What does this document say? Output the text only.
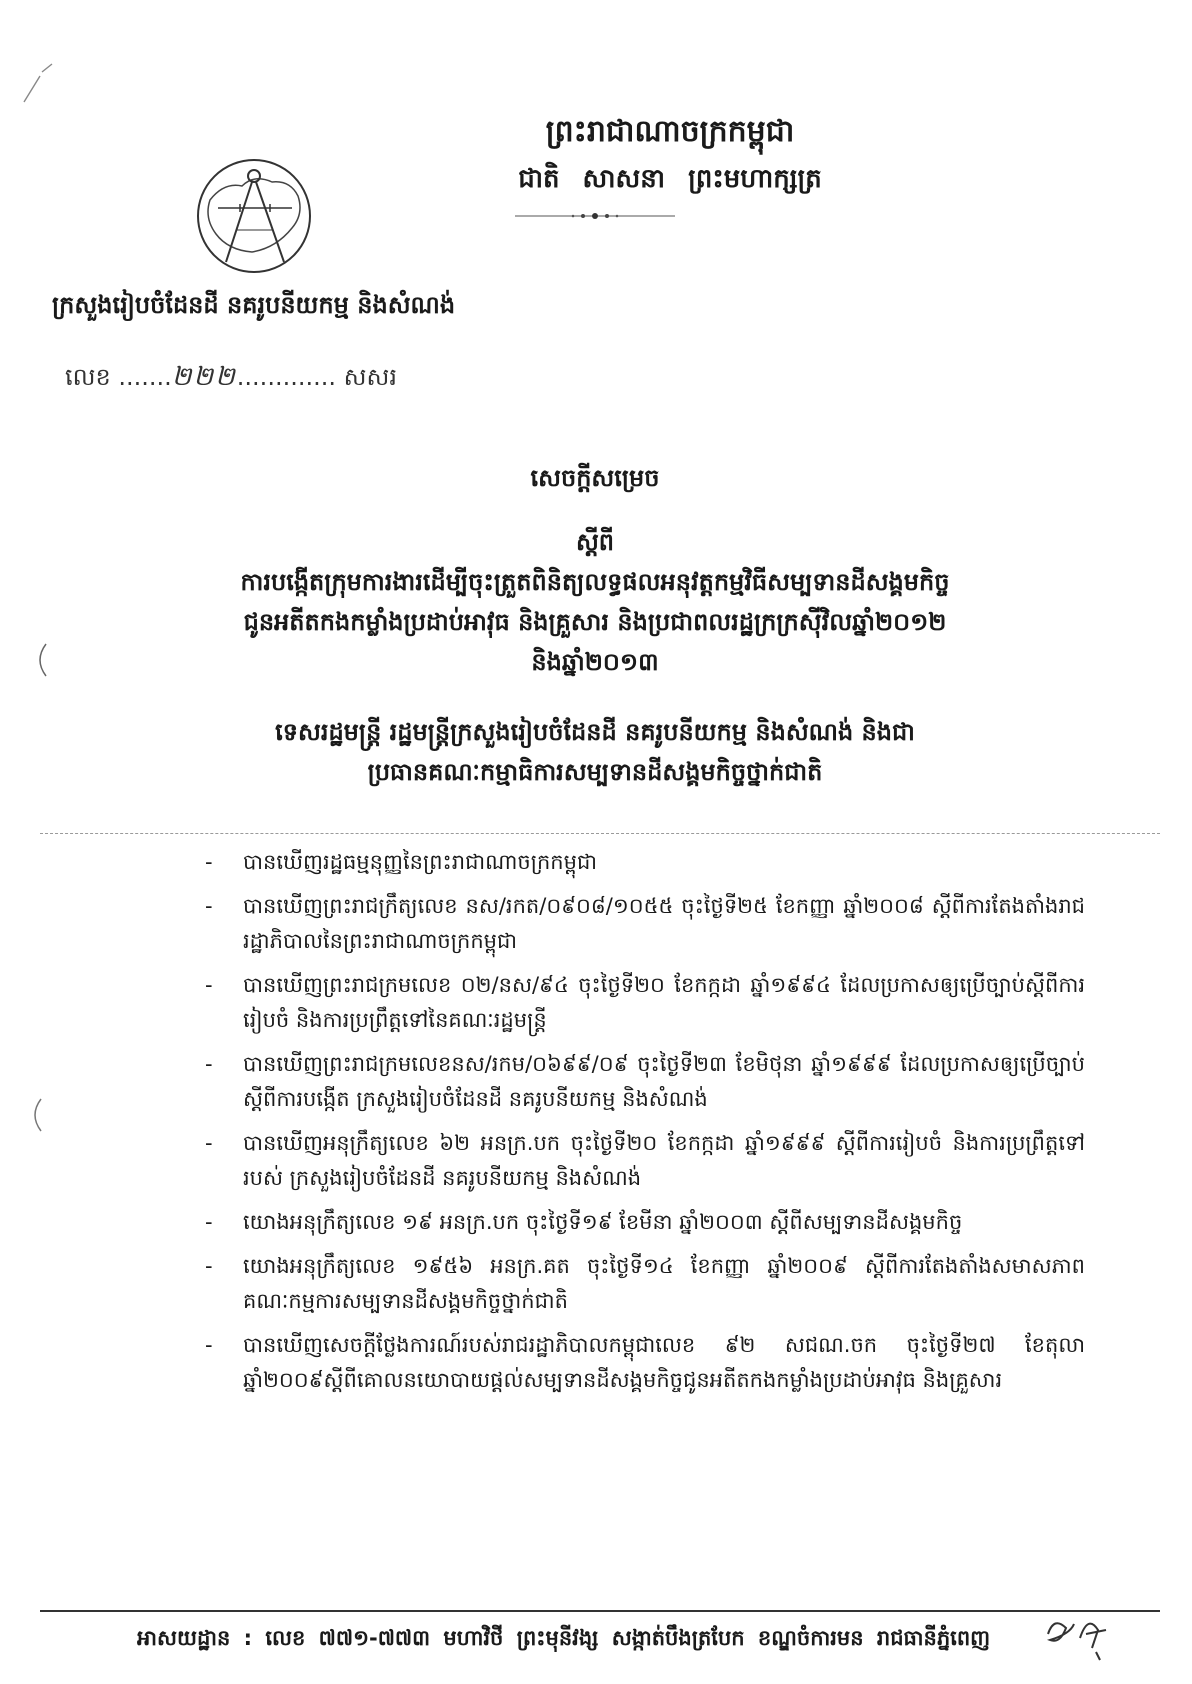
ព្រះរាជាណាចក្រកម្ពុជា
ជាតិ សាសនា ព្រះមហាក្សត្រ
ក្រសួងរៀបចំដែនដី នគរូបនីយកម្ម និងសំណង់
លេខ .......២២២............. សសរ
សេចក្តីសម្រេច
ស្តីពី
ការបង្កើតក្រុមការងារដើម្បីចុះត្រួតពិនិត្យលទ្ធផលអនុវត្តកម្មវិធីសម្បទានដីសង្គមកិច្ច
ជូនអតីតកងកម្លាំងប្រដាប់អាវុធ និងគ្រួសារ និងប្រជាពលរដ្ឋក្រក្រសុីវិលឆ្នាំ២០១២
និងឆ្នាំ២០១៣
ទេសរដ្ឋមន្ត្រី រដ្ឋមន្ត្រីក្រសួងរៀបចំដែនដី នគរូបនីយកម្ម និងសំណង់ និងជា
ប្រធានគណៈកម្មាធិការសម្បទានដីសង្គមកិច្ចថ្នាក់ជាតិ
- បានឃើញរដ្ឋធម្មនុញ្ញនៃព្រះរាជាណាចក្រកម្ពុជា
- បានឃើញព្រះរាជក្រឹត្យលេខ នស/រកត/០៩០៨/១០៥៥ ចុះថ្ងៃទី២៥ ខែកញ្ញា ឆ្នាំ២០០៨ ស្តីពីការតែងតាំងរាជរដ្ឋាភិបាលនៃព្រះរាជាណាចក្រកម្ពុជា
- បានឃើញព្រះរាជក្រមលេខ ០២/នស/៩៤ ចុះថ្ងៃទី២០ ខែកក្កដា ឆ្នាំ១៩៩៤ ដែលប្រកាសឲ្យប្រើច្បាប់ស្តីពីការរៀបចំ និងការប្រព្រឹត្តទៅនៃគណៈរដ្ឋមន្ត្រី
- បានឃើញព្រះរាជក្រមលេខនស/រកម/០៦៩៩/០៩ ចុះថ្ងៃទី២៣ ខែមិថុនា ឆ្នាំ១៩៩៩ ដែលប្រកាសឲ្យប្រើច្បាប់ស្តីពីការបង្កើត ក្រសួងរៀបចំដែនដី នគរូបនីយកម្ម និងសំណង់
- បានឃើញអនុក្រឹត្យលេខ ៦២ អនក្រ.បក ចុះថ្ងៃទី២០ ខែកក្កដា ឆ្នាំ១៩៩៩ ស្តីពីការរៀបចំ និងការប្រព្រឹត្តទៅរបស់ ក្រសួងរៀបចំដែនដី នគរូបនីយកម្ម និងសំណង់
- យោងអនុក្រឹត្យលេខ ១៩ អនក្រ.បក ចុះថ្ងៃទី១៩ ខែមីនា ឆ្នាំ២០០៣ ស្តីពីសម្បទានដីសង្គមកិច្ច
- យោងអនុក្រឹត្យលេខ ១៩៥៦ អនក្រ.គត ចុះថ្ងៃទី១៤ ខែកញ្ញា ឆ្នាំ២០០៩ ស្តីពីការតែងតាំងសមាសភាពគណៈកម្មការសម្បទានដីសង្គមកិច្ចថ្នាក់ជាតិ
- បានឃើញសេចក្តីថ្លែងការណ៍របស់រាជរដ្ឋាភិបាលកម្ពុជាលេខ ៩២ សជណ.ចក ចុះថ្ងៃទី២៧ ខែតុលា ឆ្នាំ២០០៩ស្តីពីគោលនយោបាយផ្តល់សម្បទានដីសង្គមកិច្ចជូនអតីតកងកម្លាំងប្រដាប់អាវុធ និងគ្រួសារ
អាសយដ្ឋាន : លេខ ៧៧១-៧៧៣ មហាវិថី ព្រះមុនីវង្ស សង្កាត់បឹងត្របែក ខណ្ឌចំការមន រាជធានីភ្នំពេញ
